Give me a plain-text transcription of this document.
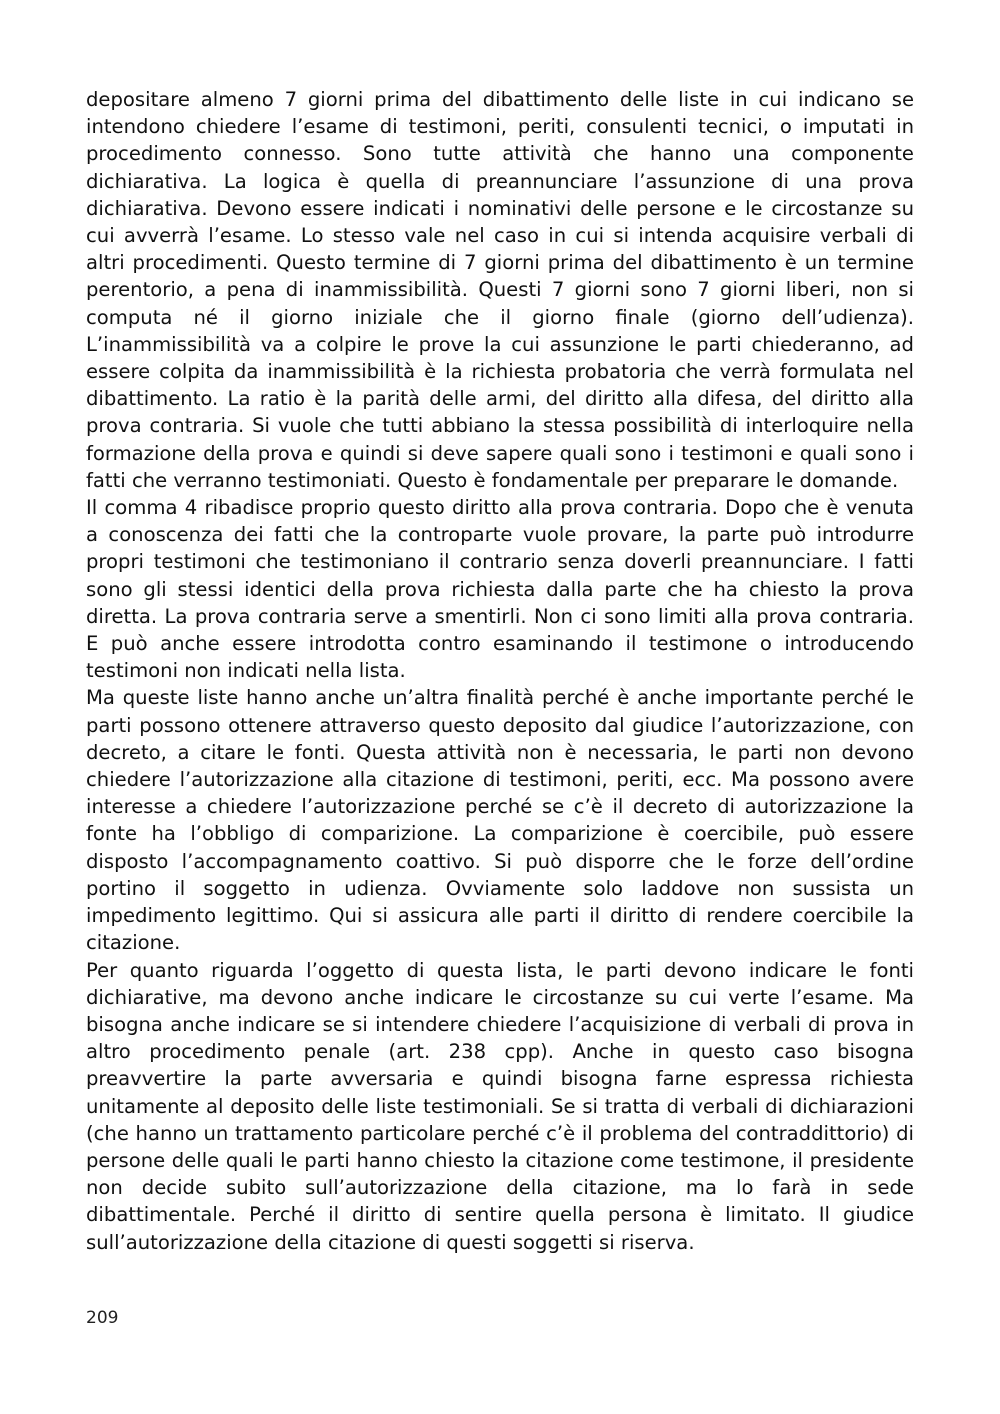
depositare almeno 7 giorni prima del dibattimento delle liste in cui indicano se intendono chiedere l’esame di testimoni, periti, consulenti tecnici, o imputati in procedimento connesso. Sono tutte attività che hanno una componente dichiarativa. La logica è quella di preannunciare l’assunzione di una prova dichiarativa. Devono essere indicati i nominativi delle persone e le circostanze su cui avverrà l’esame. Lo stesso vale nel caso in cui si intenda acquisire verbali di altri procedimenti. Questo termine di 7 giorni prima del dibattimento è un termine perentorio, a pena di inammissibilità. Questi 7 giorni sono 7 giorni liberi, non si computa né il giorno iniziale che il giorno finale (giorno dell’udienza). L’inammissibilità va a colpire le prove la cui assunzione le parti chiederanno, ad essere colpita da inammissibilità è la richiesta probatoria che verrà formulata nel dibattimento. La ratio è la parità delle armi, del diritto alla difesa, del diritto alla prova contraria. Si vuole che tutti abbiano la stessa possibilità di interloquire nella formazione della prova e quindi si deve sapere quali sono i testimoni e quali sono i fatti che verranno testimoniati. Questo è fondamentale per preparare le domande.

Il comma 4 ribadisce proprio questo diritto alla prova contraria. Dopo che è venuta a conoscenza dei fatti che la controparte vuole provare, la parte può introdurre propri testimoni che testimoniano il contrario senza doverli preannunciare. I fatti sono gli stessi identici della prova richiesta dalla parte che ha chiesto la prova diretta. La prova contraria serve a smentirli. Non ci sono limiti alla prova contraria. E può anche essere introdotta contro esaminando il testimone o introducendo testimoni non indicati nella lista.

Ma queste liste hanno anche un’altra finalità perché è anche importante perché le parti possono ottenere attraverso questo deposito dal giudice l’autorizzazione, con decreto, a citare le fonti. Questa attività non è necessaria, le parti non devono chiedere l’autorizzazione alla citazione di testimoni, periti, ecc. Ma possono avere interesse a chiedere l’autorizzazione perché se c’è il decreto di autorizzazione la fonte ha l’obbligo di comparizione. La comparizione è coercibile, può essere disposto l’accompagnamento coattivo. Si può disporre che le forze dell’ordine portino il soggetto in udienza. Ovviamente solo laddove non sussista un impedimento legittimo. Qui si assicura alle parti il diritto di rendere coercibile la citazione.

Per quanto riguarda l’oggetto di questa lista, le parti devono indicare le fonti dichiarative, ma devono anche indicare le circostanze su cui verte l’esame. Ma bisogna anche indicare se si intendere chiedere l’acquisizione di verbali di prova in altro procedimento penale (art. 238 cpp). Anche in questo caso bisogna preavvertire la parte avversaria e quindi bisogna farne espressa richiesta unitamente al deposito delle liste testimoniali. Se si tratta di verbali di dichiarazioni (che hanno un trattamento particolare perché c’è il problema del contraddittorio) di persone delle quali le parti hanno chiesto la citazione come testimone, il presidente non decide subito sull’autorizzazione della citazione, ma lo farà in sede dibattimentale. Perché il diritto di sentire quella persona è limitato. Il giudice sull’autorizzazione della citazione di questi soggetti si riserva.

209
